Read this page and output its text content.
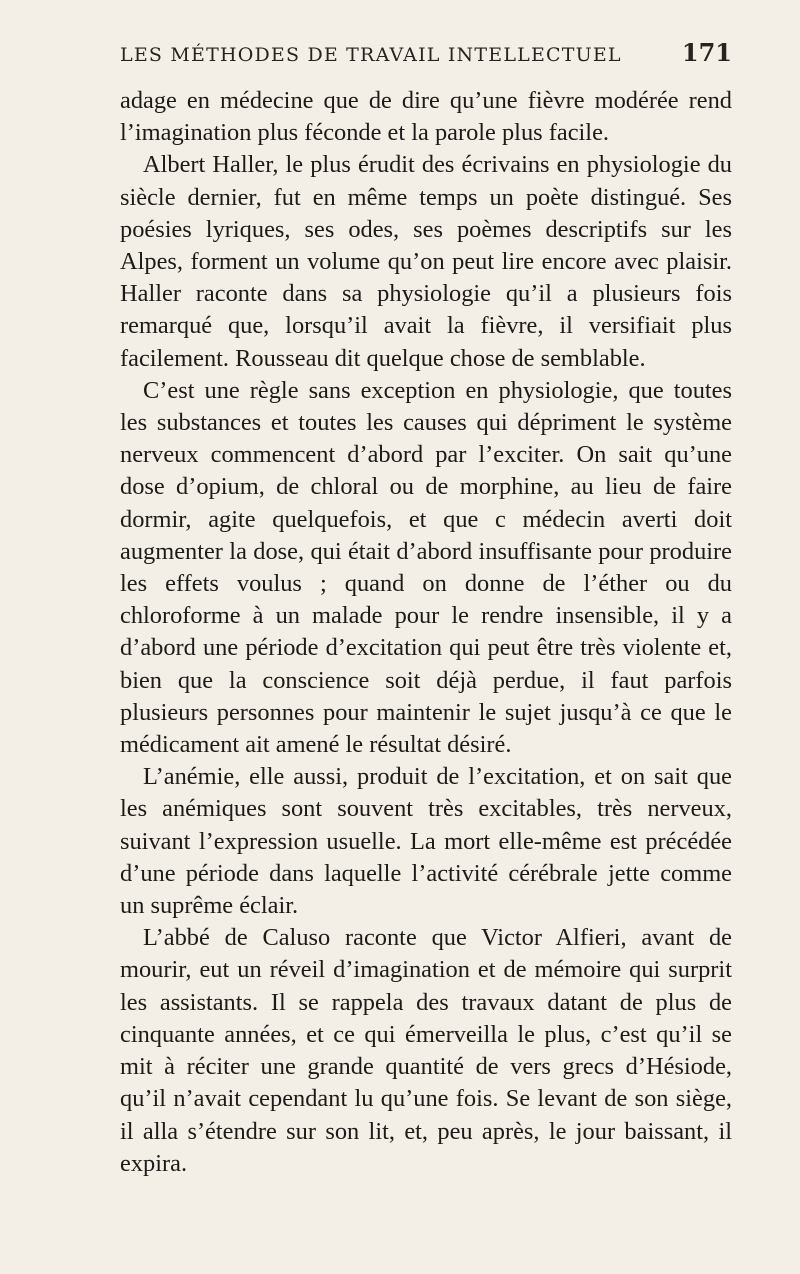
LES MÉTHODES DE TRAVAIL INTELLECTUEL	171

adage en médecine que de dire qu’une fièvre modérée rend l’imagination plus féconde et la parole plus facile.

Albert Haller, le plus érudit des écrivains en physiologie du siècle dernier, fut en même temps un poète distingué. Ses poésies lyriques, ses odes, ses poèmes descriptifs sur les Alpes, forment un volume qu’on peut lire encore avec plaisir. Haller raconte dans sa physiologie qu’il a plusieurs fois remarqué que, lorsqu’il avait la fièvre, il versifiait plus facilement. Rousseau dit quelque chose de semblable.

C’est une règle sans exception en physiologie, que toutes les substances et toutes les causes qui dépriment le système nerveux commencent d’abord par l’exciter. On sait qu’une dose d’opium, de chloral ou de morphine, au lieu de faire dormir, agite quelquefois, et que c médecin averti doit augmenter la dose, qui était d’abord insuffisante pour produire les effets voulus ; quand on donne de l’éther ou du chloroforme à un malade pour le rendre insensible, il y a d’abord une période d’excitation qui peut être très violente et, bien que la conscience soit déjà perdue, il faut parfois plusieurs personnes pour maintenir le sujet jusqu’à ce que le médicament ait amené le résultat désiré.

L’anémie, elle aussi, produit de l’excitation, et on sait que les anémiques sont souvent très excitables, très nerveux, suivant l’expression usuelle. La mort elle-même est précédée d’une période dans laquelle l’activité cérébrale jette comme un suprême éclair.

L’abbé de Caluso raconte que Victor Alfieri, avant de mourir, eut un réveil d’imagination et de mémoire qui surprit les assistants. Il se rappela des travaux datant de plus de cinquante années, et ce qui émerveilla le plus, c’est qu’il se mit à réciter une grande quantité de vers grecs d’Hésiode, qu’il n’avait cependant lu qu’une fois. Se levant de son siège, il alla s’étendre sur son lit, et, peu après, le jour baissant, il expira.
